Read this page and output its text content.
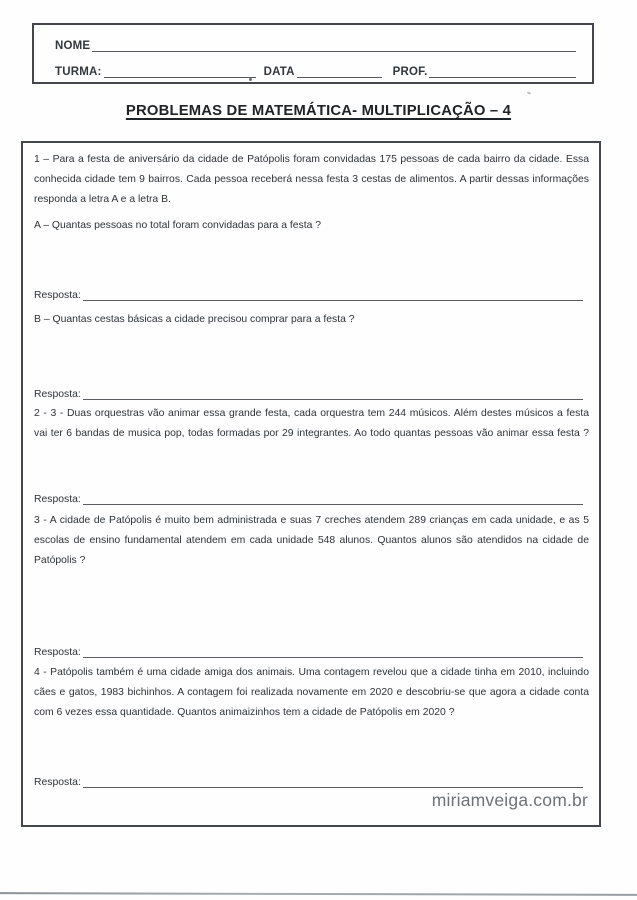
NOME
TURMA:	DATA	PROF.
PROBLEMAS DE MATEMÁTICA- MULTIPLICAÇÃO – 4
1 – Para a festa de aniversário da cidade de Patópolis foram convidadas 175 pessoas de cada bairro da cidade. Essa
conhecida cidade tem 9 bairros. Cada pessoa receberá nessa festa 3 cestas de alimentos. A partir dessas informações
responda a letra A e a letra B.
A – Quantas pessoas no total foram convidadas para a festa ?
Resposta:
B – Quantas cestas básicas a cidade precisou comprar para a festa ?
Resposta:
2 - 3 - Duas orquestras vão animar essa grande festa, cada orquestra tem 244 músicos. Além destes músicos a festa
vai ter 6 bandas de musica pop, todas formadas por 29 integrantes. Ao todo quantas pessoas vão animar essa festa ?
Resposta:
3 - A cidade de Patópolis é muito bem administrada e suas 7 creches atendem 289 crianças em cada unidade, e as 5
escolas de ensino fundamental atendem em cada unidade 548 alunos. Quantos alunos são atendidos na cidade de
Patópolis ?
Resposta:
4 - Patópolis também é uma cidade amiga dos animais. Uma contagem revelou que a cidade tinha em 2010, incluindo
cães e gatos, 1983 bichinhos. A contagem foi realizada novamente em 2020 e descobriu-se que agora a cidade conta
com 6 vezes essa quantidade. Quantos animaizinhos tem a cidade de Patópolis em 2020 ?
Resposta:
miriamveiga.com.br
